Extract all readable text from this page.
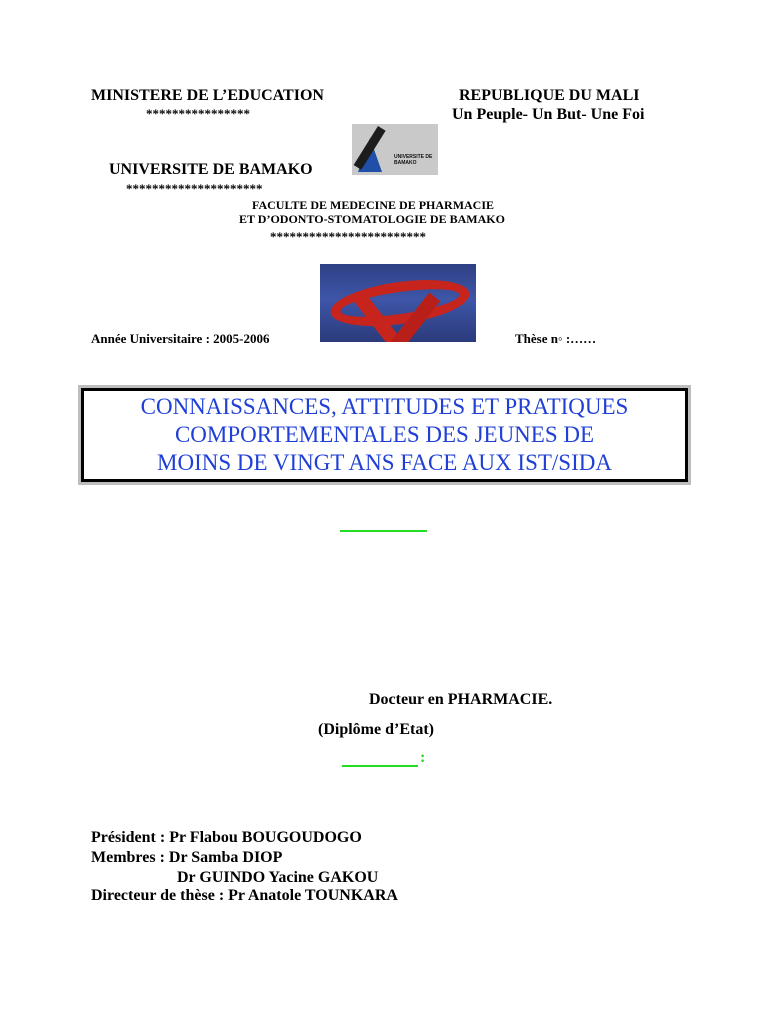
MINISTERE DE L’EDUCATION
****************
REPUBLIQUE DU MALI
Un Peuple- Un But- Une Foi
UNIVERSITE DE BAMAKO
UNIVERSITE DE BAMAKO
*********************
FACULTE DE MEDECINE DE PHARMACIE
ET D’ODONTO-STOMATOLOGIE DE BAMAKO
************************
Année Universitaire : 2005-2006	Thèse n◦ :……
CONNAISSANCES, ATTITUDES ET PRATIQUES
COMPORTEMENTALES DES JEUNES DE
MOINS DE VINGT ANS FACE AUX IST/SIDA
Docteur en PHARMACIE.
(Diplôme d’Etat)
:
Président : Pr Flabou BOUGOUDOGO
Membres : Dr Samba DIOP
Dr GUINDO Yacine GAKOU
Directeur de thèse : Pr Anatole TOUNKARA
